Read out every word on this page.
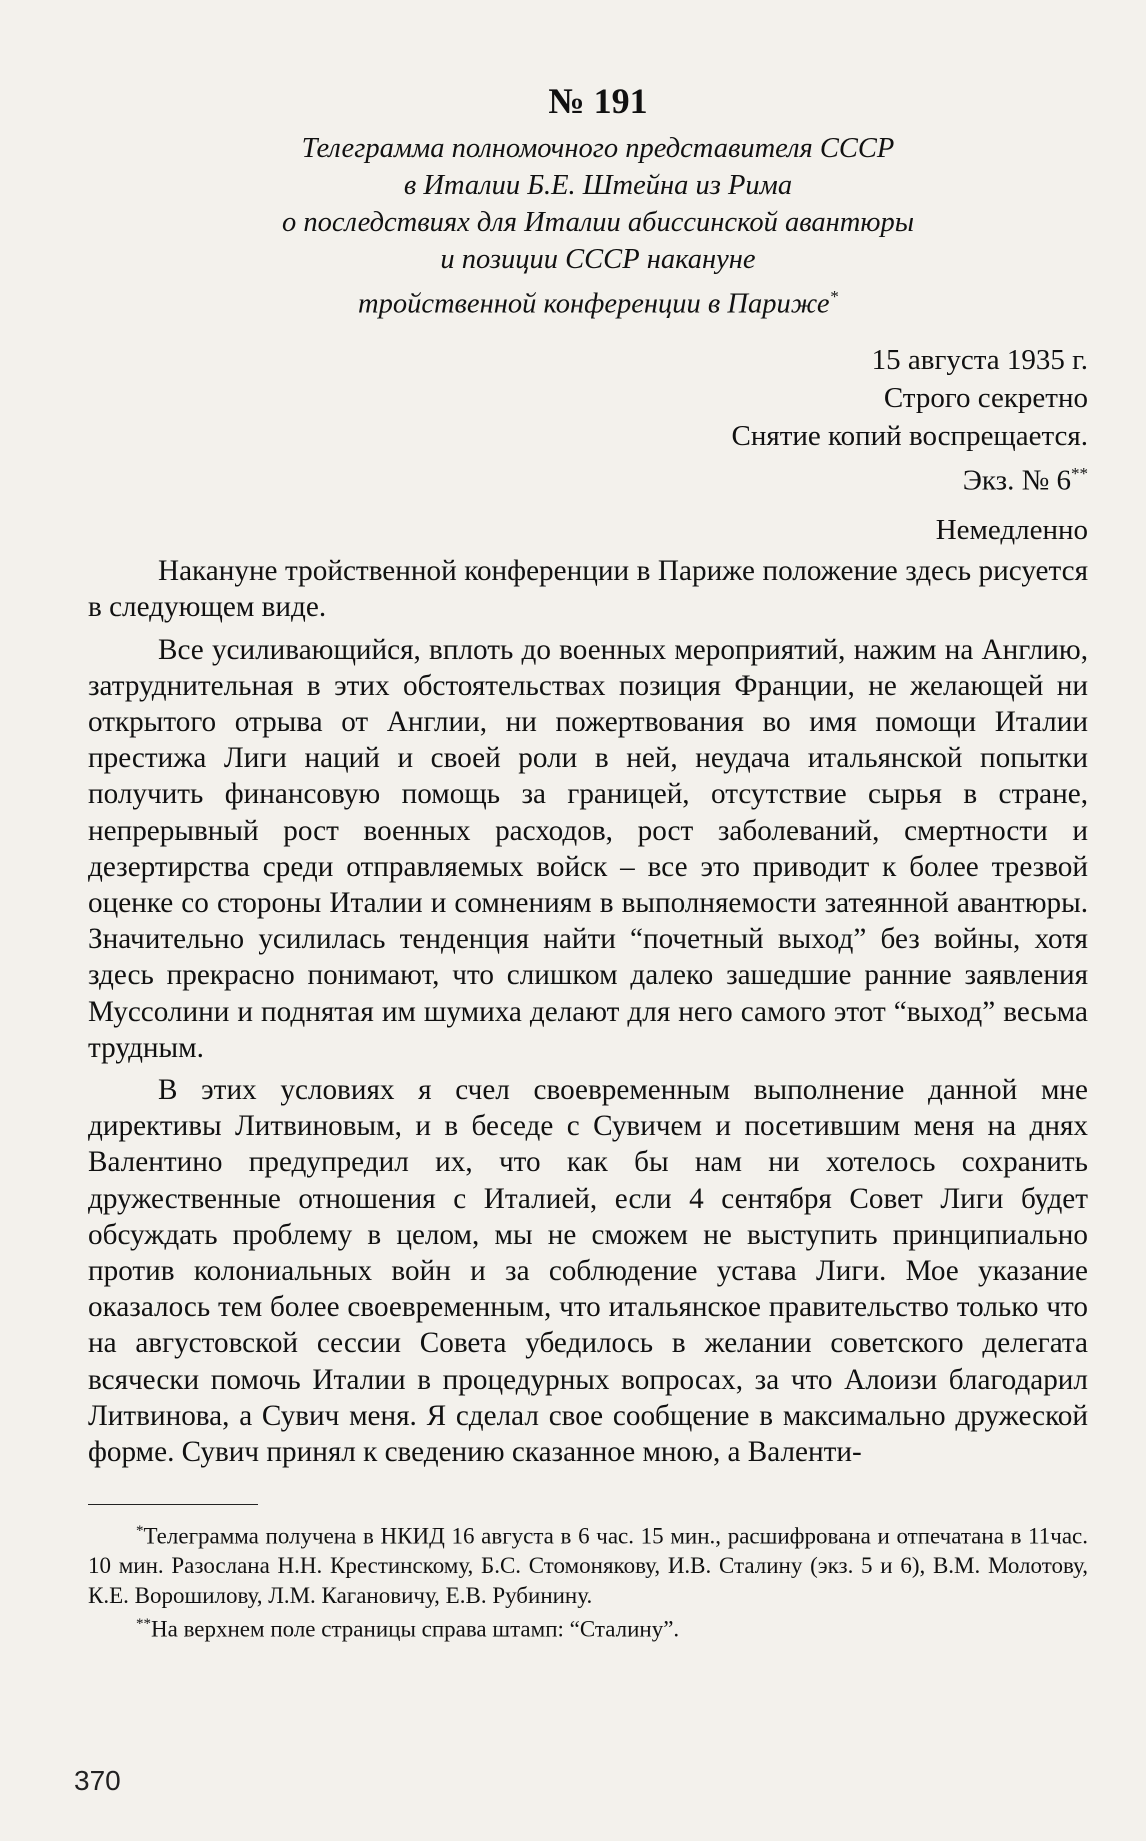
№ 191
Телеграмма полномочного представителя СССР
в Италии Б.Е. Штейна из Рима
о последствиях для Италии абиссинской авантюры
и позиции СССР накануне
тройственной конференции в Париже*
15 августа 1935 г.
Строго секретно
Снятие копий воспрещается.
Экз. № 6**
Немедленно

Накануне тройственной конференции в Париже положение здесь рисуется в следующем виде.

Все усиливающийся, вплоть до военных мероприятий, нажим на Англию, затруднительная в этих обстоятельствах позиция Франции, не желающей ни открытого отрыва от Англии, ни пожертвования во имя помощи Италии престижа Лиги наций и своей роли в ней, неудача итальянской попытки получить финансовую помощь за границей, отсутствие сырья в стране, непрерывный рост военных расходов, рост заболеваний, смертности и дезертирства среди отправляемых войск – все это приводит к более трезвой оценке со стороны Италии и сомнениям в выполняемости затеянной авантюры. Значительно усилилась тенденция найти “почетный выход” без войны, хотя здесь прекрасно понимают, что слишком далеко зашедшие ранние заявления Муссолини и поднятая им шумиха делают для него самого этот “выход” весьма трудным.

В этих условиях я счел своевременным выполнение данной мне директивы Литвиновым, и в беседе с Сувичем и посетившим меня на днях Валентино предупредил их, что как бы нам ни хотелось сохранить дружественные отношения с Италией, если 4 сентября Совет Лиги будет обсуждать проблему в целом, мы не сможем не выступить принципиально против колониальных войн и за соблюдение устава Лиги. Мое указание оказалось тем более своевременным, что итальянское правительство только что на августовской сессии Совета убедилось в желании советского делегата всячески помочь Италии в процедурных вопросах, за что Алоизи благодарил Литвинова, а Сувич меня. Я сделал свое сообщение в максимально дружеской форме. Сувич принял к сведению сказанное мною, а Валенти-

*Телеграмма получена в НКИД 16 августа в 6 час. 15 мин., расшифрована и отпечатана в 11час. 10 мин. Разослана Н.Н. Крестинскому, Б.С. Стомонякову, И.В. Сталину (экз. 5 и 6), В.М. Молотову, К.Е. Ворошилову, Л.М. Кагановичу, Е.В. Рубинину.

**На верхнем поле страницы справа штамп: “Сталину”.

370
